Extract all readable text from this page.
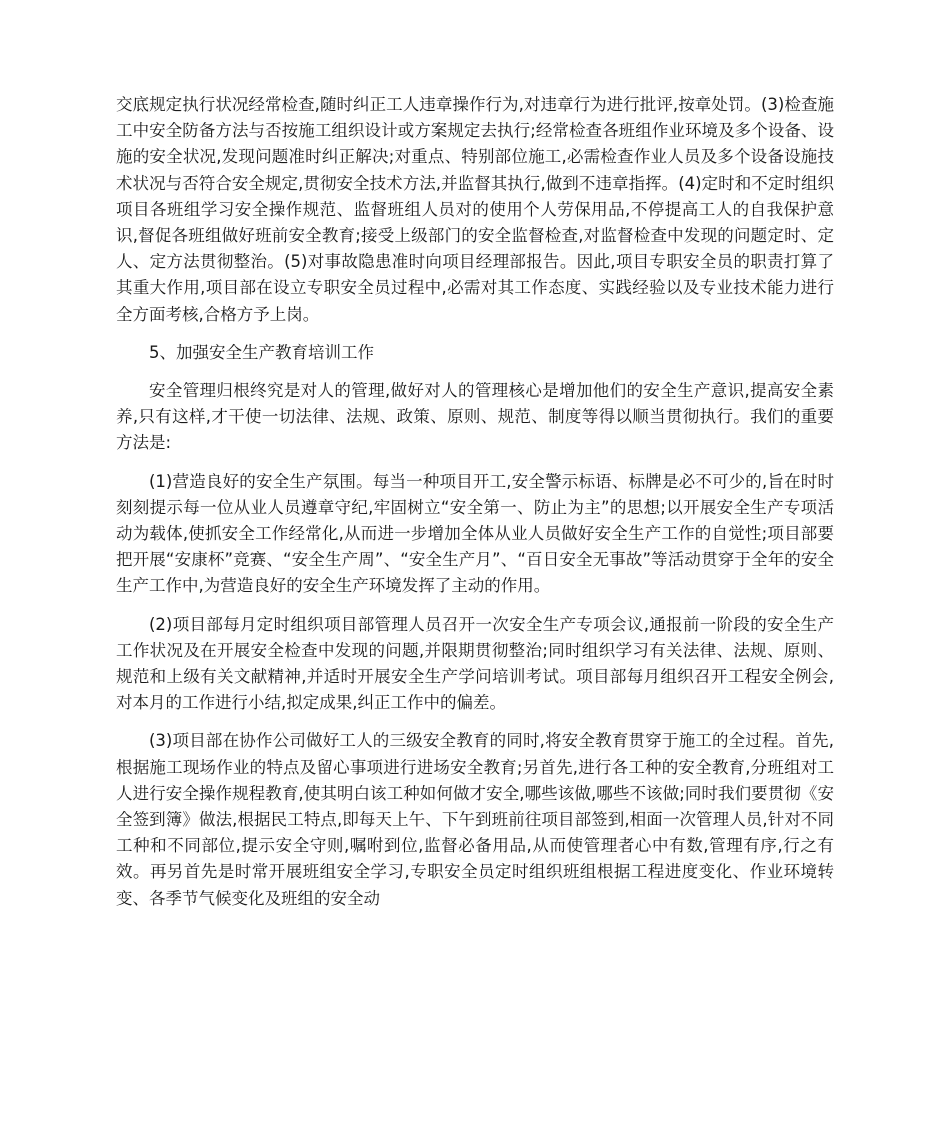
交底规定执行状况经常检查,随时纠正工人违章操作行为,对违章行为进行批评,按章处罚。(3)检查施工中安全防备方法与否按施工组织设计或方案规定去执行;经常检查各班组作业环境及多个设备、设施的安全状况,发现问题准时纠正解决;对重点、特别部位施工,必需检查作业人员及多个设备设施技术状况与否符合安全规定,贯彻安全技术方法,并监督其执行,做到不违章指挥。(4)定时和不定时组织项目各班组学习安全操作规范、监督班组人员对的使用个人劳保用品,不停提高工人的自我保护意识,督促各班组做好班前安全教育;接受上级部门的安全监督检查,对监督检查中发现的问题定时、定人、定方法贯彻整治。(5)对事故隐患准时向项目经理部报告。因此,项目专职安全员的职责打算了其重大作用,项目部在设立专职安全员过程中,必需对其工作态度、实践经验以及专业技术能力进行全方面考核,合格方予上岗。

5、加强安全生产教育培训工作

安全管理归根终究是对人的管理,做好对人的管理核心是增加他们的安全生产意识,提高安全素养,只有这样,才干使一切法律、法规、政策、原则、规范、制度等得以顺当贯彻执行。我们的重要方法是:

(1)营造良好的安全生产氛围。每当一种项目开工,安全警示标语、标牌是必不可少的,旨在时时刻刻提示每一位从业人员遵章守纪,牢固树立“安全第一、防止为主”的思想;以开展安全生产专项活动为载体,使抓安全工作经常化,从而进一步增加全体从业人员做好安全生产工作的自觉性;项目部要把开展“安康杯”竞赛、“安全生产周”、“安全生产月”、“百日安全无事故”等活动贯穿于全年的安全生产工作中,为营造良好的安全生产环境发挥了主动的作用。

(2)项目部每月定时组织项目部管理人员召开一次安全生产专项会议,通报前一阶段的安全生产工作状况及在开展安全检查中发现的问题,并限期贯彻整治;同时组织学习有关法律、法规、原则、规范和上级有关文献精神,并适时开展安全生产学问培训考试。项目部每月组织召开工程安全例会,对本月的工作进行小结,拟定成果,纠正工作中的偏差。

(3)项目部在协作公司做好工人的三级安全教育的同时,将安全教育贯穿于施工的全过程。首先,根据施工现场作业的特点及留心事项进行进场安全教育;另首先,进行各工种的安全教育,分班组对工人进行安全操作规程教育,使其明白该工种如何做才安全,哪些该做,哪些不该做;同时我们要贯彻《安全签到簿》做法,根据民工特点,即每天上午、下午到班前往项目部签到,相面一次管理人员,针对不同工种和不同部位,提示安全守则,嘱咐到位,监督必备用品,从而使管理者心中有数,管理有序,行之有效。再另首先是时常开展班组安全学习,专职安全员定时组织班组根据工程进度变化、作业环境转变、各季节气候变化及班组的安全动
